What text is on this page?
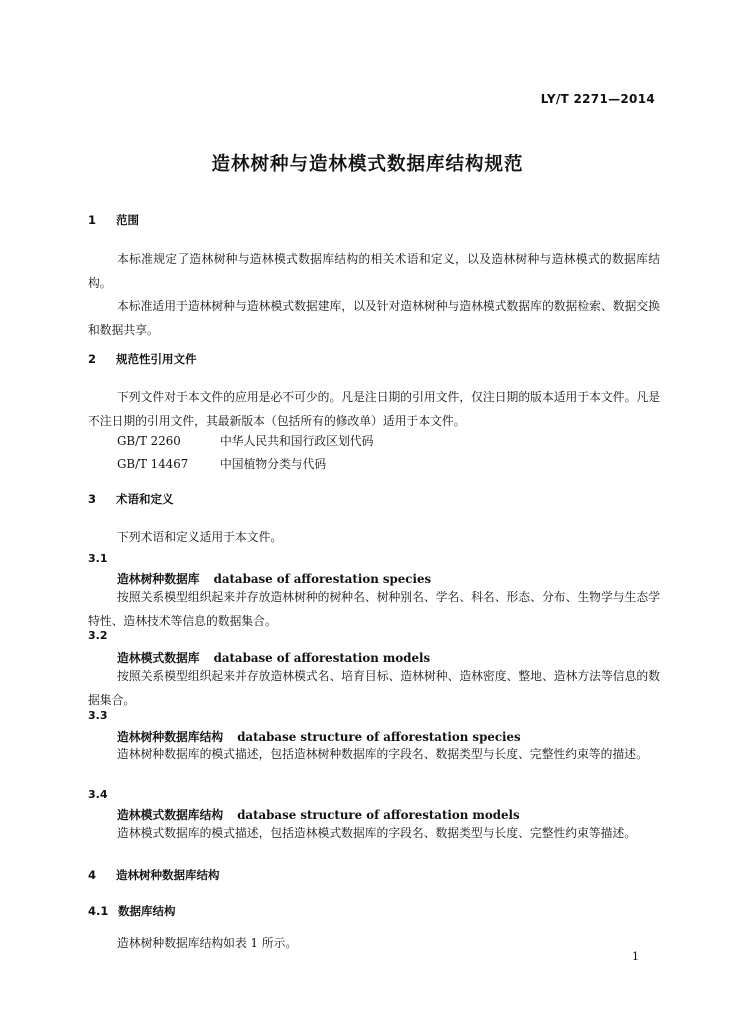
LY/T 2271—2014
造林树种与造林模式数据库结构规范
1 范围

本标准规定了造林树种与造林模式数据库结构的相关术语和定义，以及造林树种与造林模式的数据库结构。

本标准适用于造林树种与造林模式数据建库，以及针对造林树种与造林模式数据库的数据检索、数据交换和数据共享。

2 规范性引用文件

下列文件对于本文件的应用是必不可少的。凡是注日期的引用文件，仅注日期的版本适用于本文件。凡是不注日期的引用文件，其最新版本（包括所有的修改单）适用于本文件。

GB/T 2260	中华人民共和国行政区划代码
GB/T 14467	中国植物分类与代码
3 术语和定义
下列术语和定义适用于本文件。
3.1
造林树种数据库 database of afforestation species
按照关系模型组织起来并存放造林树种的树种名、树种别名、学名、科名、形态、分布、生物学与生态学特性、造林技术等信息的数据集合。
3.2
造林模式数据库 database of afforestation models
按照关系模型组织起来并存放造林模式名、培育目标、造林树种、造林密度、整地、造林方法等信息的数据集合。
3.3
造林树种数据库结构 database structure of afforestation species
造林树种数据库的模式描述，包括造林树种数据库的字段名、数据类型与长度、完整性约束等的描述。
3.4
造林模式数据库结构 database structure of afforestation models
造林模式数据库的模式描述，包括造林模式数据库的字段名、数据类型与长度、完整性约束等描述。
4 造林树种数据库结构
4.1 数据库结构
造林树种数据库结构如表 1 所示。
1
